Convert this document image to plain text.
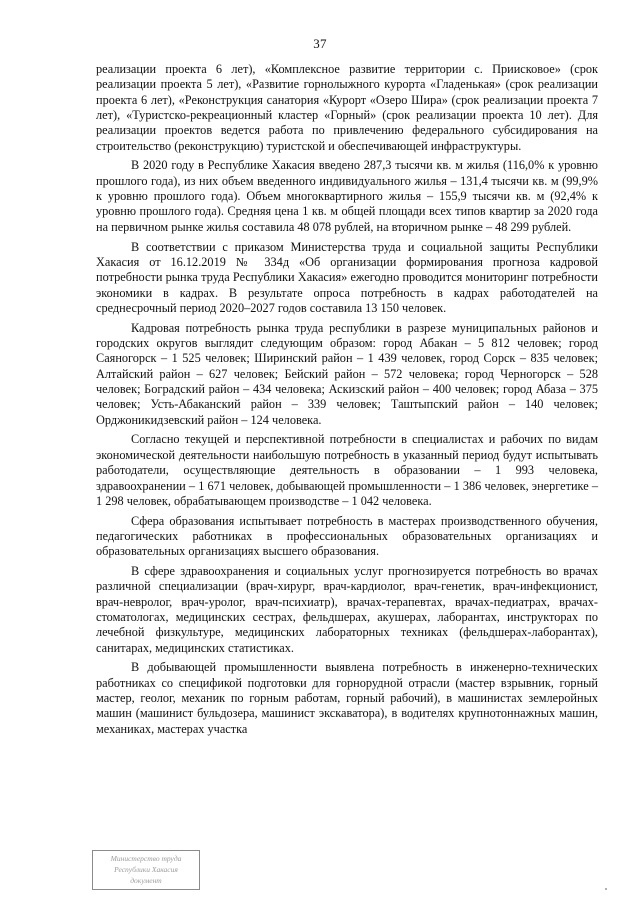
37

реализации проекта 6 лет), «Комплексное развитие территории с. Приисковое» (срок реализации проекта 5 лет), «Развитие горнолыжного курорта «Гладенькая» (срок реализации проекта 6 лет), «Реконструкция санатория «Курорт «Озеро Шира» (срок реализации проекта 7 лет), «Туристско-рекреационный кластер «Горный» (срок реализации проекта 10 лет). Для реализации проектов ведется работа по привлечению федерального субсидирования на строительство (реконструкцию) туристской и обеспечивающей инфраструктуры.

В 2020 году в Республике Хакасия введено 287,3 тысячи кв. м жилья (116,0% к уровню прошлого года), из них объем введенного индивидуального жилья – 131,4 тысячи кв. м (99,9% к уровню прошлого года). Объем многоквартирного жилья – 155,9 тысячи кв. м (92,4% к уровню прошлого года). Средняя цена 1 кв. м общей площади всех типов квартир за 2020 года на первичном рынке жилья составила 48 078 рублей, на вторичном рынке – 48 299 рублей.

В соответствии с приказом Министерства труда и социальной защиты Республики Хакасия от 16.12.2019 № 334д «Об организации формирования прогноза кадровой потребности рынка труда Республики Хакасия» ежегодно проводится мониторинг потребности экономики в кадрах. В результате опроса потребность в кадрах работодателей на среднесрочный период 2020–2027 годов составила 13 150 человек.

Кадровая потребность рынка труда республики в разрезе муниципальных районов и городских округов выглядит следующим образом: город Абакан – 5 812 человек; город Саяногорск – 1 525 человек; Ширинский район – 1 439 человек, город Сорск – 835 человек; Алтайский район – 627 человек; Бейский район – 572 человека; город Черногорск – 528 человек; Боградский район – 434 человека; Аскизский район – 400 человек; город Абаза – 375 человек; Усть-Абаканский район – 339 человек; Таштыпский район – 140 человек; Орджоникидзевский район – 124 человека.

Согласно текущей и перспективной потребности в специалистах и рабочих по видам экономической деятельности наибольшую потребность в указанный период будут испытывать работодатели, осуществляющие деятельность в образовании – 1 993 человека, здравоохранении – 1 671 человек, добывающей промышленности – 1 386 человек, энергетике – 1 298 человек, обрабатывающем производстве – 1 042 человека.

Сфера образования испытывает потребность в мастерах производственного обучения, педагогических работниках в профессиональных образовательных организациях и образовательных организациях высшего образования.

В сфере здравоохранения и социальных услуг прогнозируется потребность во врачах различной специализации (врач-хирург, врач-кардиолог, врач-генетик, врач-инфекционист, врач-невролог, врач-уролог, врач-психиатр), врачах-терапевтах, врачах-педиатрах, врачах-стоматологах, медицинских сестрах, фельдшерах, акушерах, лаборантах, инструкторах по лечебной физкультуре, медицинских лабораторных техниках (фельдшерах-лаборантах), санитарах, медицинских статистиках.

В добывающей промышленности выявлена потребность в инженерно-технических работниках со спецификой подготовки для горнорудной отрасли (мастер взрывник, горный мастер, геолог, механик по горным работам, горный рабочий), в машинистах землеройных машин (машинист бульдозера, машинист экскаватора), в водителях крупнотоннажных машин, механиках, мастерах участка

Министерство труда
Республики Хакасия
документ
